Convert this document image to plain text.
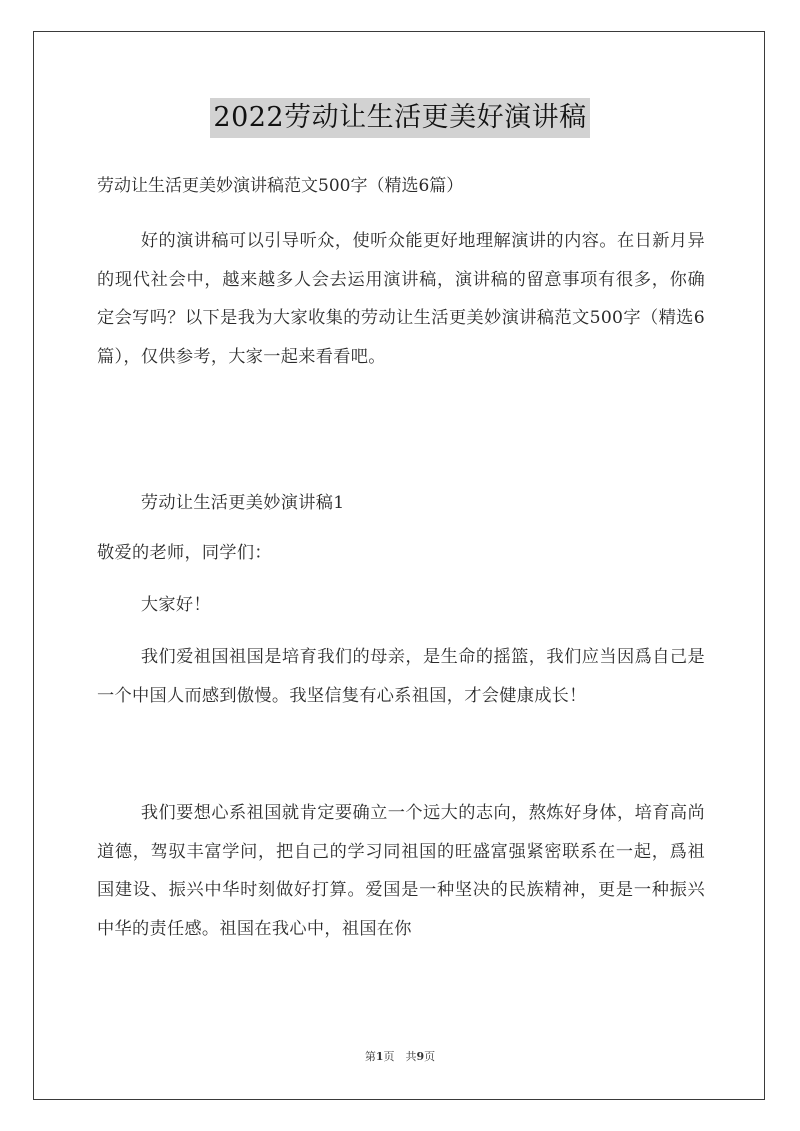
2022劳动让生活更美好演讲稿
劳动让生活更美妙演讲稿范文500字（精选6篇）
好的演讲稿可以引导听众，使听众能更好地理解演讲的内容。在日新月异的现代社会中，越来越多人会去运用演讲稿，演讲稿的留意事项有很多，你确定会写吗？以下是我为大家收集的劳动让生活更美妙演讲稿范文500字（精选6篇），仅供参考，大家一起来看看吧。
劳动让生活更美妙演讲稿1
敬爱的老师，同学们：
大家好！
我们爱祖国祖国是培育我们的母亲，是生命的摇篮，我们应当因爲自己是一个中国人而感到傲慢。我坚信隻有心系祖国，才会健康成长！
我们要想心系祖国就肯定要确立一个远大的志向，熬炼好身体，培育高尚道德，驾驭丰富学问，把自己的学习同祖国的旺盛富强紧密联系在一起，爲祖国建设、振兴中华时刻做好打算。爱国是一种坚决的民族精神，更是一种振兴中华的责任感。祖国在我心中，祖国在你
第1页　共9页
